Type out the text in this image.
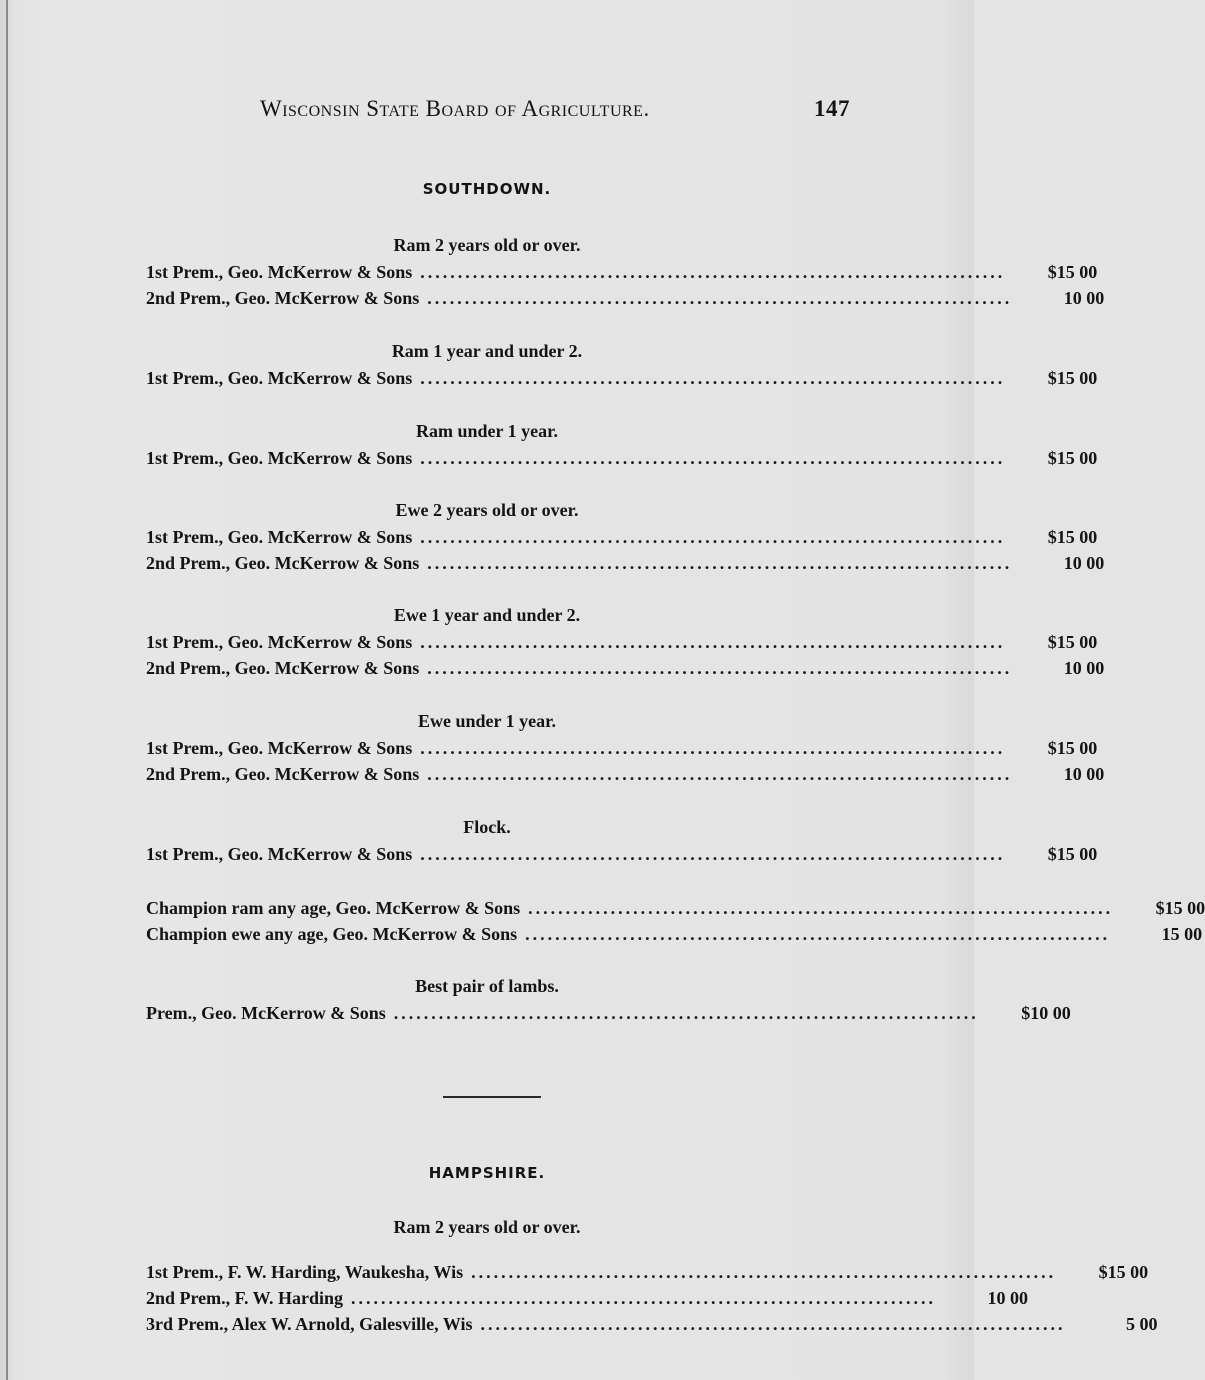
Wisconsin State Board of Agriculture.	147
SOUTHDOWN.
Ram 2 years old or over.
1st Prem., Geo. McKerrow & Sons ..............................................................................	$15 00
2nd Prem., Geo. McKerrow & Sons ..............................................................................	10 00
Ram 1 year and under 2.
1st Prem., Geo. McKerrow & Sons ..............................................................................	$15 00
Ram under 1 year.
1st Prem., Geo. McKerrow & Sons ..............................................................................	$15 00
Ewe 2 years old or over.
1st Prem., Geo. McKerrow & Sons ..............................................................................	$15 00
2nd Prem., Geo. McKerrow & Sons ..............................................................................	10 00
Ewe 1 year and under 2.
1st Prem., Geo. McKerrow & Sons ..............................................................................	$15 00
2nd Prem., Geo. McKerrow & Sons ..............................................................................	10 00
Ewe under 1 year.
1st Prem., Geo. McKerrow & Sons ..............................................................................	$15 00
2nd Prem., Geo. McKerrow & Sons ..............................................................................	10 00
Flock.
1st Prem., Geo. McKerrow & Sons ..............................................................................	$15 00
Champion ram any age, Geo. McKerrow & Sons ..............................................................................	$15 00
Champion ewe any age, Geo. McKerrow & Sons ..............................................................................	15 00
Best pair of lambs.
Prem., Geo. McKerrow & Sons ..............................................................................	$10 00
HAMPSHIRE.
Ram 2 years old or over.
1st Prem., F. W. Harding, Waukesha, Wis ..............................................................................	$15 00
2nd Prem., F. W. Harding ..............................................................................	10 00
3rd Prem., Alex W. Arnold, Galesville, Wis ..............................................................................	5 00
